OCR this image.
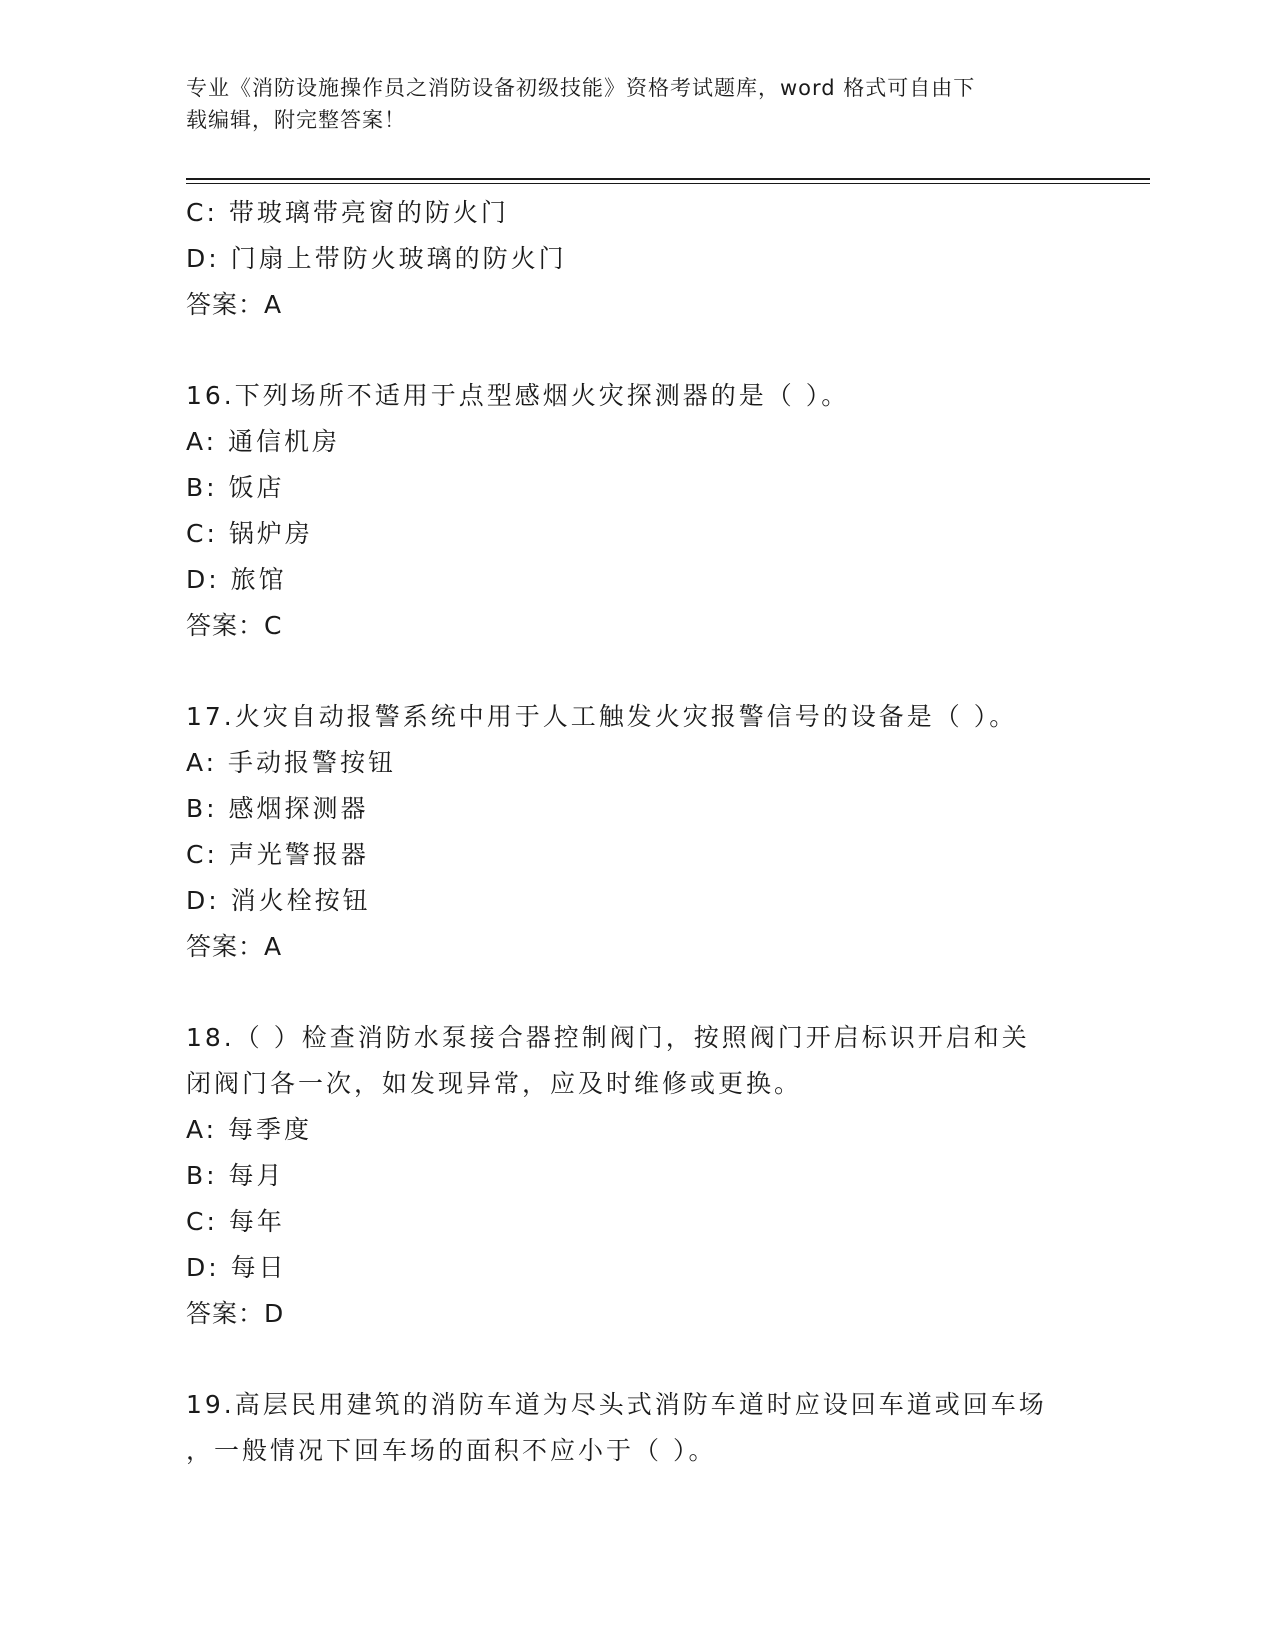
专业《消防设施操作员之消防设备初级技能》资格考试题库，word 格式可自由下
载编辑，附完整答案！
C: 带玻璃带亮窗的防火门
D: 门扇上带防火玻璃的防火门
答案：A
16.下列场所不适用于点型感烟火灾探测器的是（ ）。
A: 通信机房
B: 饭店
C: 锅炉房
D: 旅馆
答案：C
17.火灾自动报警系统中用于人工触发火灾报警信号的设备是（ ）。
A: 手动报警按钮
B: 感烟探测器
C: 声光警报器
D: 消火栓按钮
答案：A
18.（ ）检查消防水泵接合器控制阀门，按照阀门开启标识开启和关
闭阀门各一次，如发现异常，应及时维修或更换。
A: 每季度
B: 每月
C: 每年
D: 每日
答案：D
19.高层民用建筑的消防车道为尽头式消防车道时应设回车道或回车场
，一般情况下回车场的面积不应小于（ ）。
